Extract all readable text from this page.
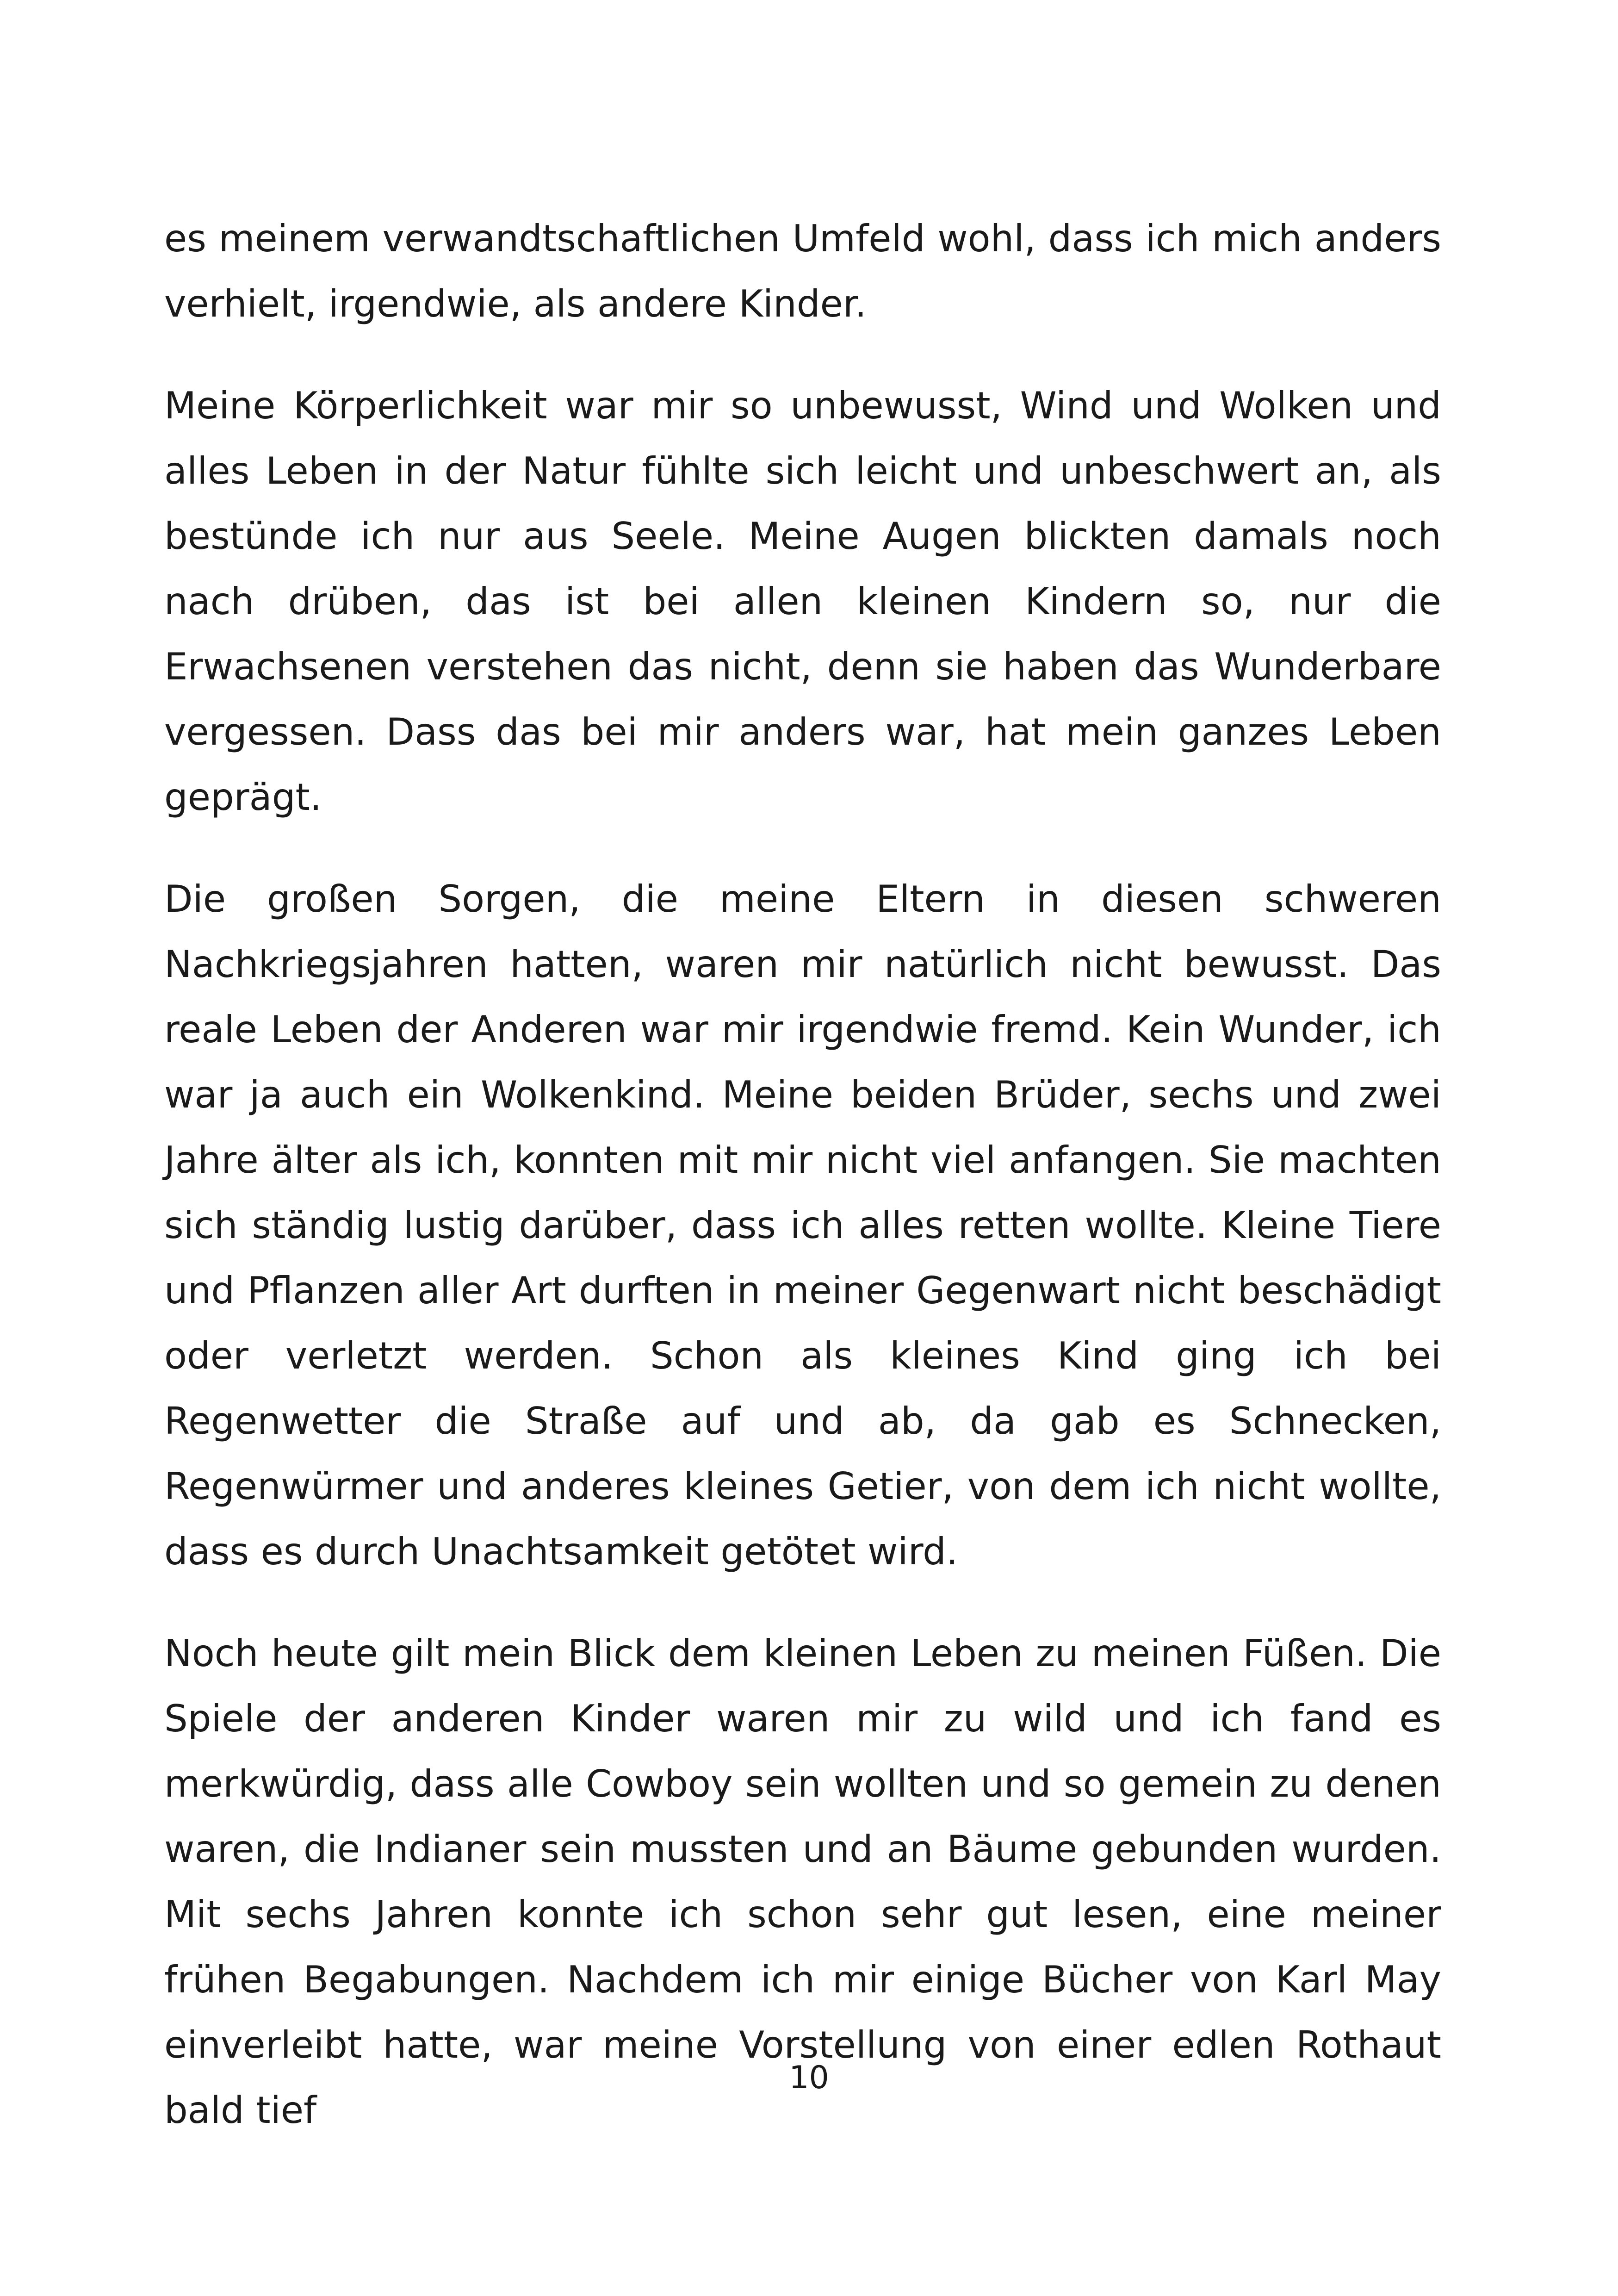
es meinem verwandtschaftlichen Umfeld wohl, dass ich mich anders verhielt, irgendwie, als andere Kinder.

Meine Körperlichkeit war mir so unbewusst, Wind und Wolken und alles Leben in der Natur fühlte sich leicht und unbeschwert an, als bestünde ich nur aus Seele. Meine Augen blickten damals noch nach drüben, das ist bei allen kleinen Kindern so, nur die Erwachsenen verstehen das nicht, denn sie haben das Wunderbare vergessen. Dass das bei mir anders war, hat mein ganzes Leben geprägt.

Die großen Sorgen, die meine Eltern in diesen schweren Nachkriegsjahren hatten, waren mir natürlich nicht bewusst. Das reale Leben der Anderen war mir irgendwie fremd. Kein Wunder, ich war ja auch ein Wolkenkind. Meine beiden Brüder, sechs und zwei Jahre älter als ich, konnten mit mir nicht viel anfangen. Sie machten sich ständig lustig darüber, dass ich alles retten wollte. Kleine Tiere und Pflanzen aller Art durften in meiner Gegenwart nicht beschädigt oder verletzt werden. Schon als kleines Kind ging ich bei Regenwetter die Straße auf und ab, da gab es Schnecken, Regenwürmer und anderes kleines Getier, von dem ich nicht wollte, dass es durch Unachtsamkeit getötet wird.

Noch heute gilt mein Blick dem kleinen Leben zu meinen Füßen. Die Spiele der anderen Kinder waren mir zu wild und ich fand es merkwürdig, dass alle Cowboy sein wollten und so gemein zu denen waren, die Indianer sein mussten und an Bäume gebunden wurden. Mit sechs Jahren konnte ich schon sehr gut lesen, eine meiner frühen Begabungen. Nachdem ich mir einige Bücher von Karl May einverleibt hatte, war meine Vorstellung von einer edlen Rothaut bald tief

10
